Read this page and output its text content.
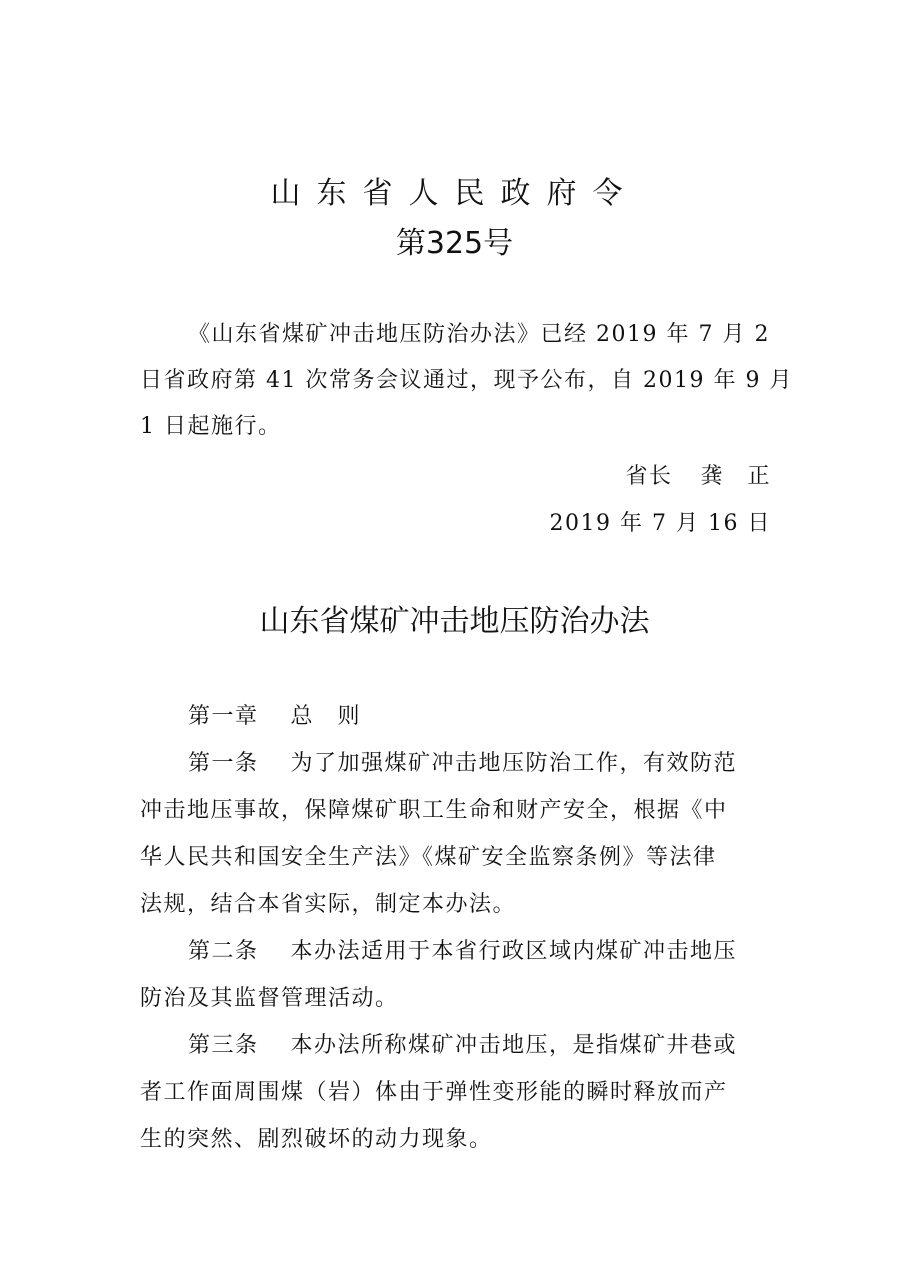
山东省人民政府令
第325号
《山东省煤矿冲击地压防治办法》已经 2019 年 7 月 2
日省政府第 41 次常务会议通过，现予公布，自 2019 年 9 月
1 日起施行。
省长 龚　正
2019 年 7 月 16 日
山东省煤矿冲击地压防治办法
第一章 总　则
第一条 为了加强煤矿冲击地压防治工作，有效防范
冲击地压事故，保障煤矿职工生命和财产安全，根据《中
华人民共和国安全生产法》《煤矿安全监察条例》等法律
法规，结合本省实际，制定本办法。
第二条 本办法适用于本省行政区域内煤矿冲击地压
防治及其监督管理活动。
第三条 本办法所称煤矿冲击地压，是指煤矿井巷或
者工作面周围煤（岩）体由于弹性变形能的瞬时释放而产
生的突然、剧烈破坏的动力现象。
